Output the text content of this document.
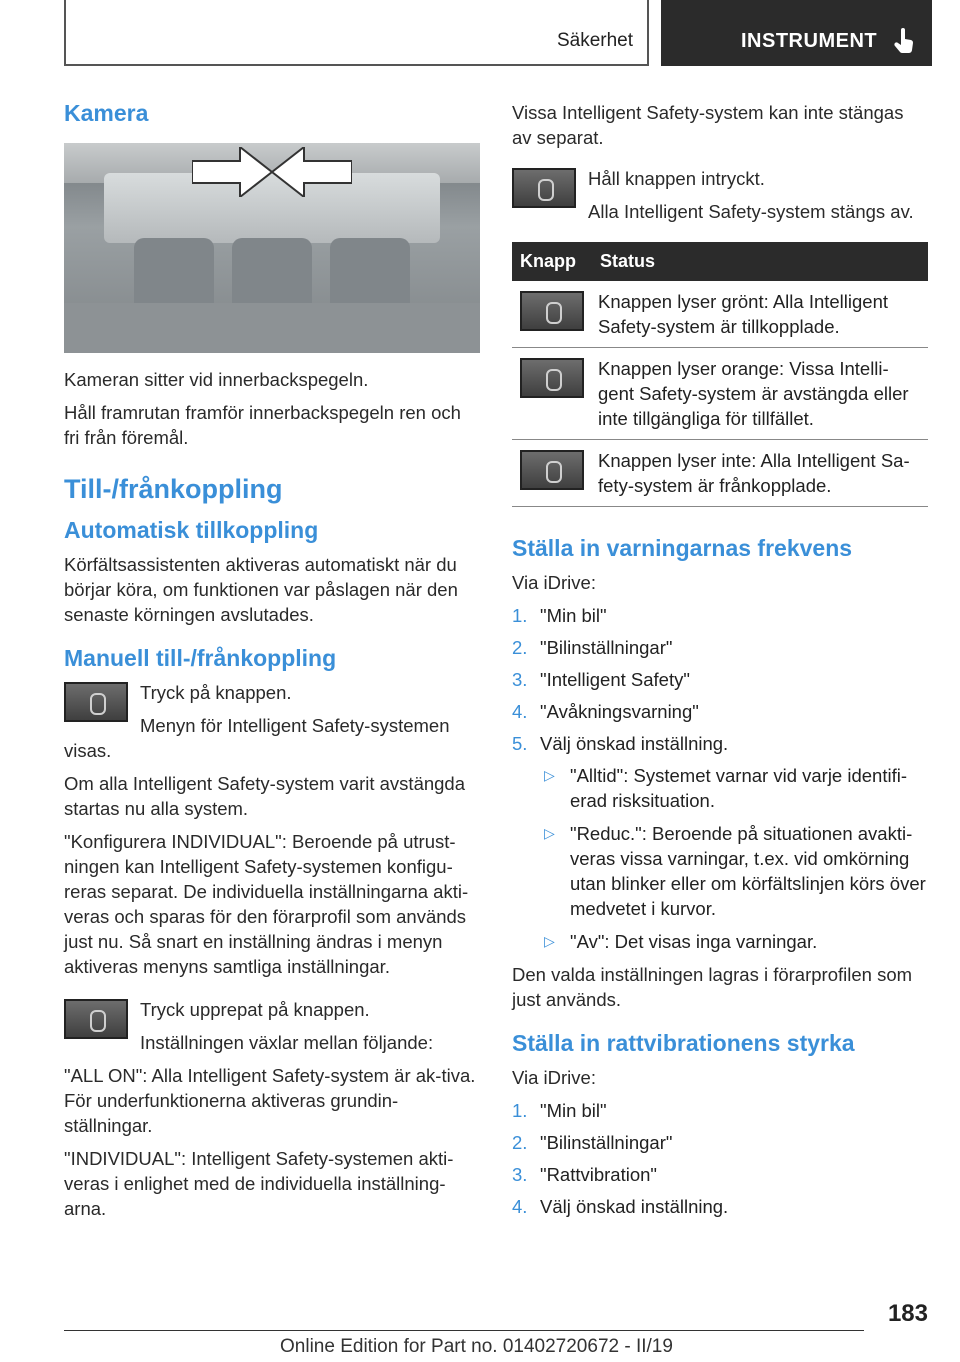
Säkerhet	INSTRUMENT
Kamera

Kameran sitter vid innerbackspegeln.

Håll framrutan framför innerbackspegeln ren och fri från föremål.

Till-/frånkoppling
Automatisk tillkoppling

Körfältsassistenten aktiveras automatiskt när du börjar köra, om funktionen var påslagen när den senaste körningen avslutades.

Manuell till-/frånkoppling

Tryck på knappen.

Menyn för Intelligent Safety-systemen visas.

Om alla Intelligent Safety-system varit avstängda startas nu alla system.

"Konfigurera INDIVIDUAL": Beroende på utrust-ningen kan Intelligent Safety-systemen konfigu-reras separat. De individuella inställningarna akti-veras och sparas för den förarprofil som används just nu. Så snart en inställning ändras i menyn aktiveras menyns samtliga inställningar.

Tryck upprepat på knappen.

Inställningen växlar mellan följande:

"ALL ON": Alla Intelligent Safety-system är ak-tiva. För underfunktionerna aktiveras grundin-ställningar.

"INDIVIDUAL": Intelligent Safety-systemen akti-veras i enlighet med de individuella inställning-arna.

Vissa Intelligent Safety-system kan inte stängas av separat.

Håll knappen intryckt.

Alla Intelligent Safety-system stängs av.

Knapp	Status
	Knappen lyser grönt: Alla Intelligent Safety-system är tillkopplade.
	Knappen lyser orange: Vissa Intelli-gent Safety-system är avstängda eller inte tillgängliga för tillfället.
	Knappen lyser inte: Alla Intelligent Sa-fety-system är frånkopplade.
Ställa in varningarnas frekvens

Via iDrive:

1. "Min bil"
2. "Bilinställningar"
3. "Intelligent Safety"
4. "Avåkningsvarning"
5. Välj önskad inställning.
▷ "Alltid": Systemet varnar vid varje identifi-erad risksituation.
▷ "Reduc.": Beroende på situationen avakti-veras vissa varningar, t.ex. vid omkörning utan blinker eller om körfältslinjen körs över medvetet i kurvor.
▷ "Av": Det visas inga varningar.

Den valda inställningen lagras i förarprofilen som just används.

Ställa in rattvibrationens styrka

Via iDrive:

1. "Min bil"
2. "Bilinställningar"
3. "Rattvibration"
4. Välj önskad inställning.
183
Online Edition for Part no. 01402720672 - II/19
